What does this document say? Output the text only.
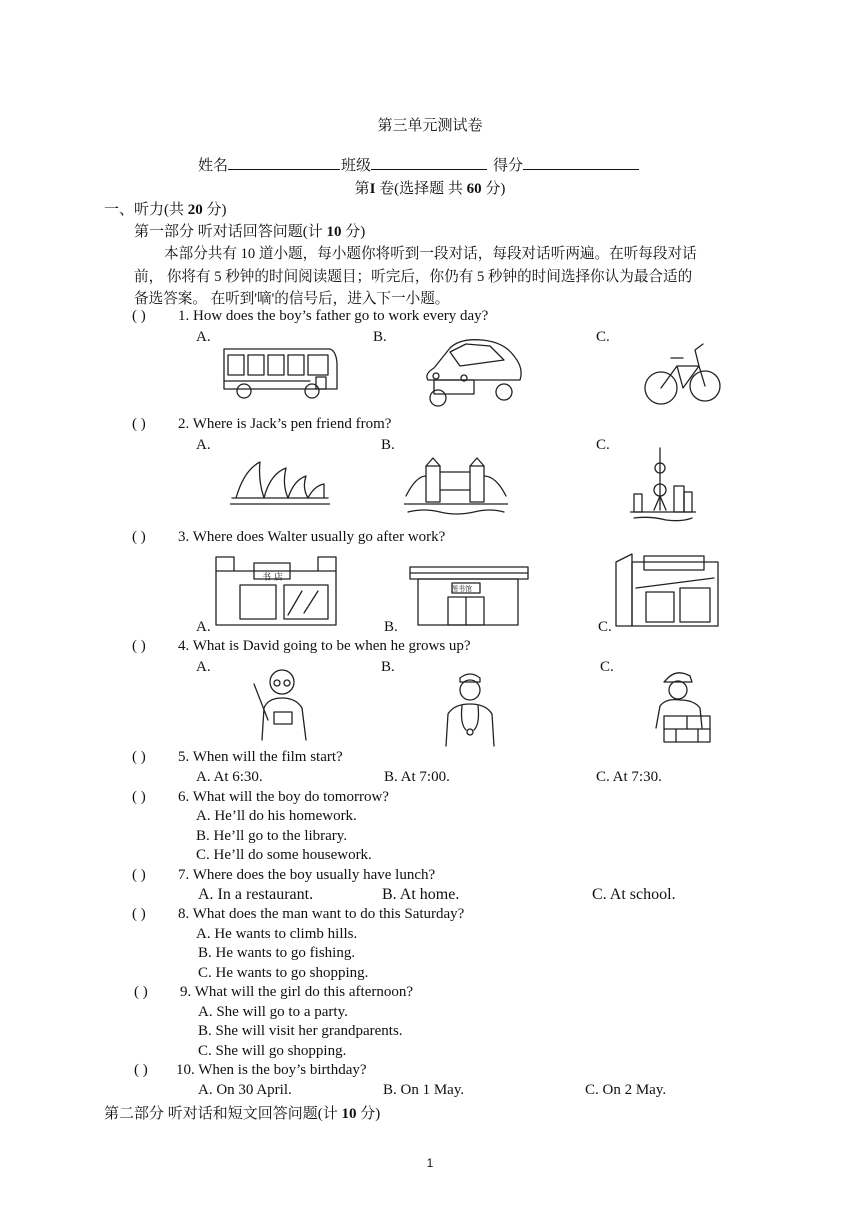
第三单元测试卷
姓名	班级	得分
第I 卷(选择题 共 60 分)
一、听力(共 20 分)
第一部分 听对话回答问题(计 10 分)
本部分共有 10 道小题，每小题你将听到一段对话，每段对话听两遍。在听每段对话
前， 你将有 5 秒钟的时间阅读题目；听完后，你仍有 5 秒钟的时间选择你认为最合适的
备选答案。 在听到'嘀'的信号后，进入下一小题。
( ) 1. How does the boy’s father go to work every day?
A.	B.	C.
( ) 2. Where is Jack’s pen friend from?
A.	B.	C.
( ) 3. Where does Walter usually go after work?
书 店
图书馆
A.	B.	C.
( ) 4. What is David going to be when he grows up?
A.	B.	C.
( ) 5. When will the film start?
A. At 6:30.	B. At 7:00.	C. At 7:30.
( ) 6. What will the boy do tomorrow?
A. He’ll do his homework.
B. He’ll go to the library.
C. He’ll do some housework.
( ) 7. Where does the boy usually have lunch?
A. In a restaurant.	B. At home.	C. At school.
( ) 8. What does the man want to do this Saturday?
A. He wants to climb hills.
B. He wants to go fishing.
C. He wants to go shopping.
( ) 9. What will the girl do this afternoon?
A. She will go to a party.
B. She will visit her grandparents.
C. She will go shopping.
( ) 10. When is the boy’s birthday?
A. On 30 April.	B. On 1 May.	C. On 2 May.
第二部分 听对话和短文回答问题(计 10 分)
1
